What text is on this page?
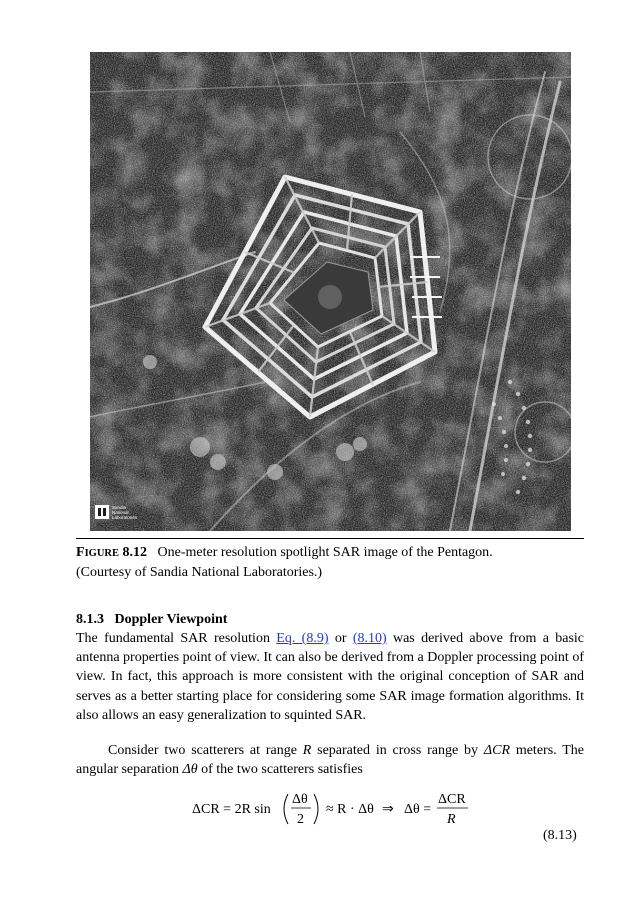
Sandia
National
Laboratories
FIGURE 8.12 One-meter resolution spotlight SAR image of the Pentagon.
(Courtesy of Sandia National Laboratories.)
8.1.3 Doppler Viewpoint
The fundamental SAR resolution Eq. (8.9) or (8.10) was derived above from a basic antenna properties point of view. It can also be derived from a Doppler processing point of view. In fact, this approach is more consistent with the original conception of SAR and serves as a better starting place for considering some SAR image formation algorithms. It also allows an easy generalization to squinted SAR.
Consider two scatterers at range R separated in cross range by ΔCR meters. The angular separation Δθ of the two scatterers satisfies
ΔCR = 2R sin
Δθ
2
≈ R · Δθ ⇒ Δθ =
ΔCR
R
(8.13)
